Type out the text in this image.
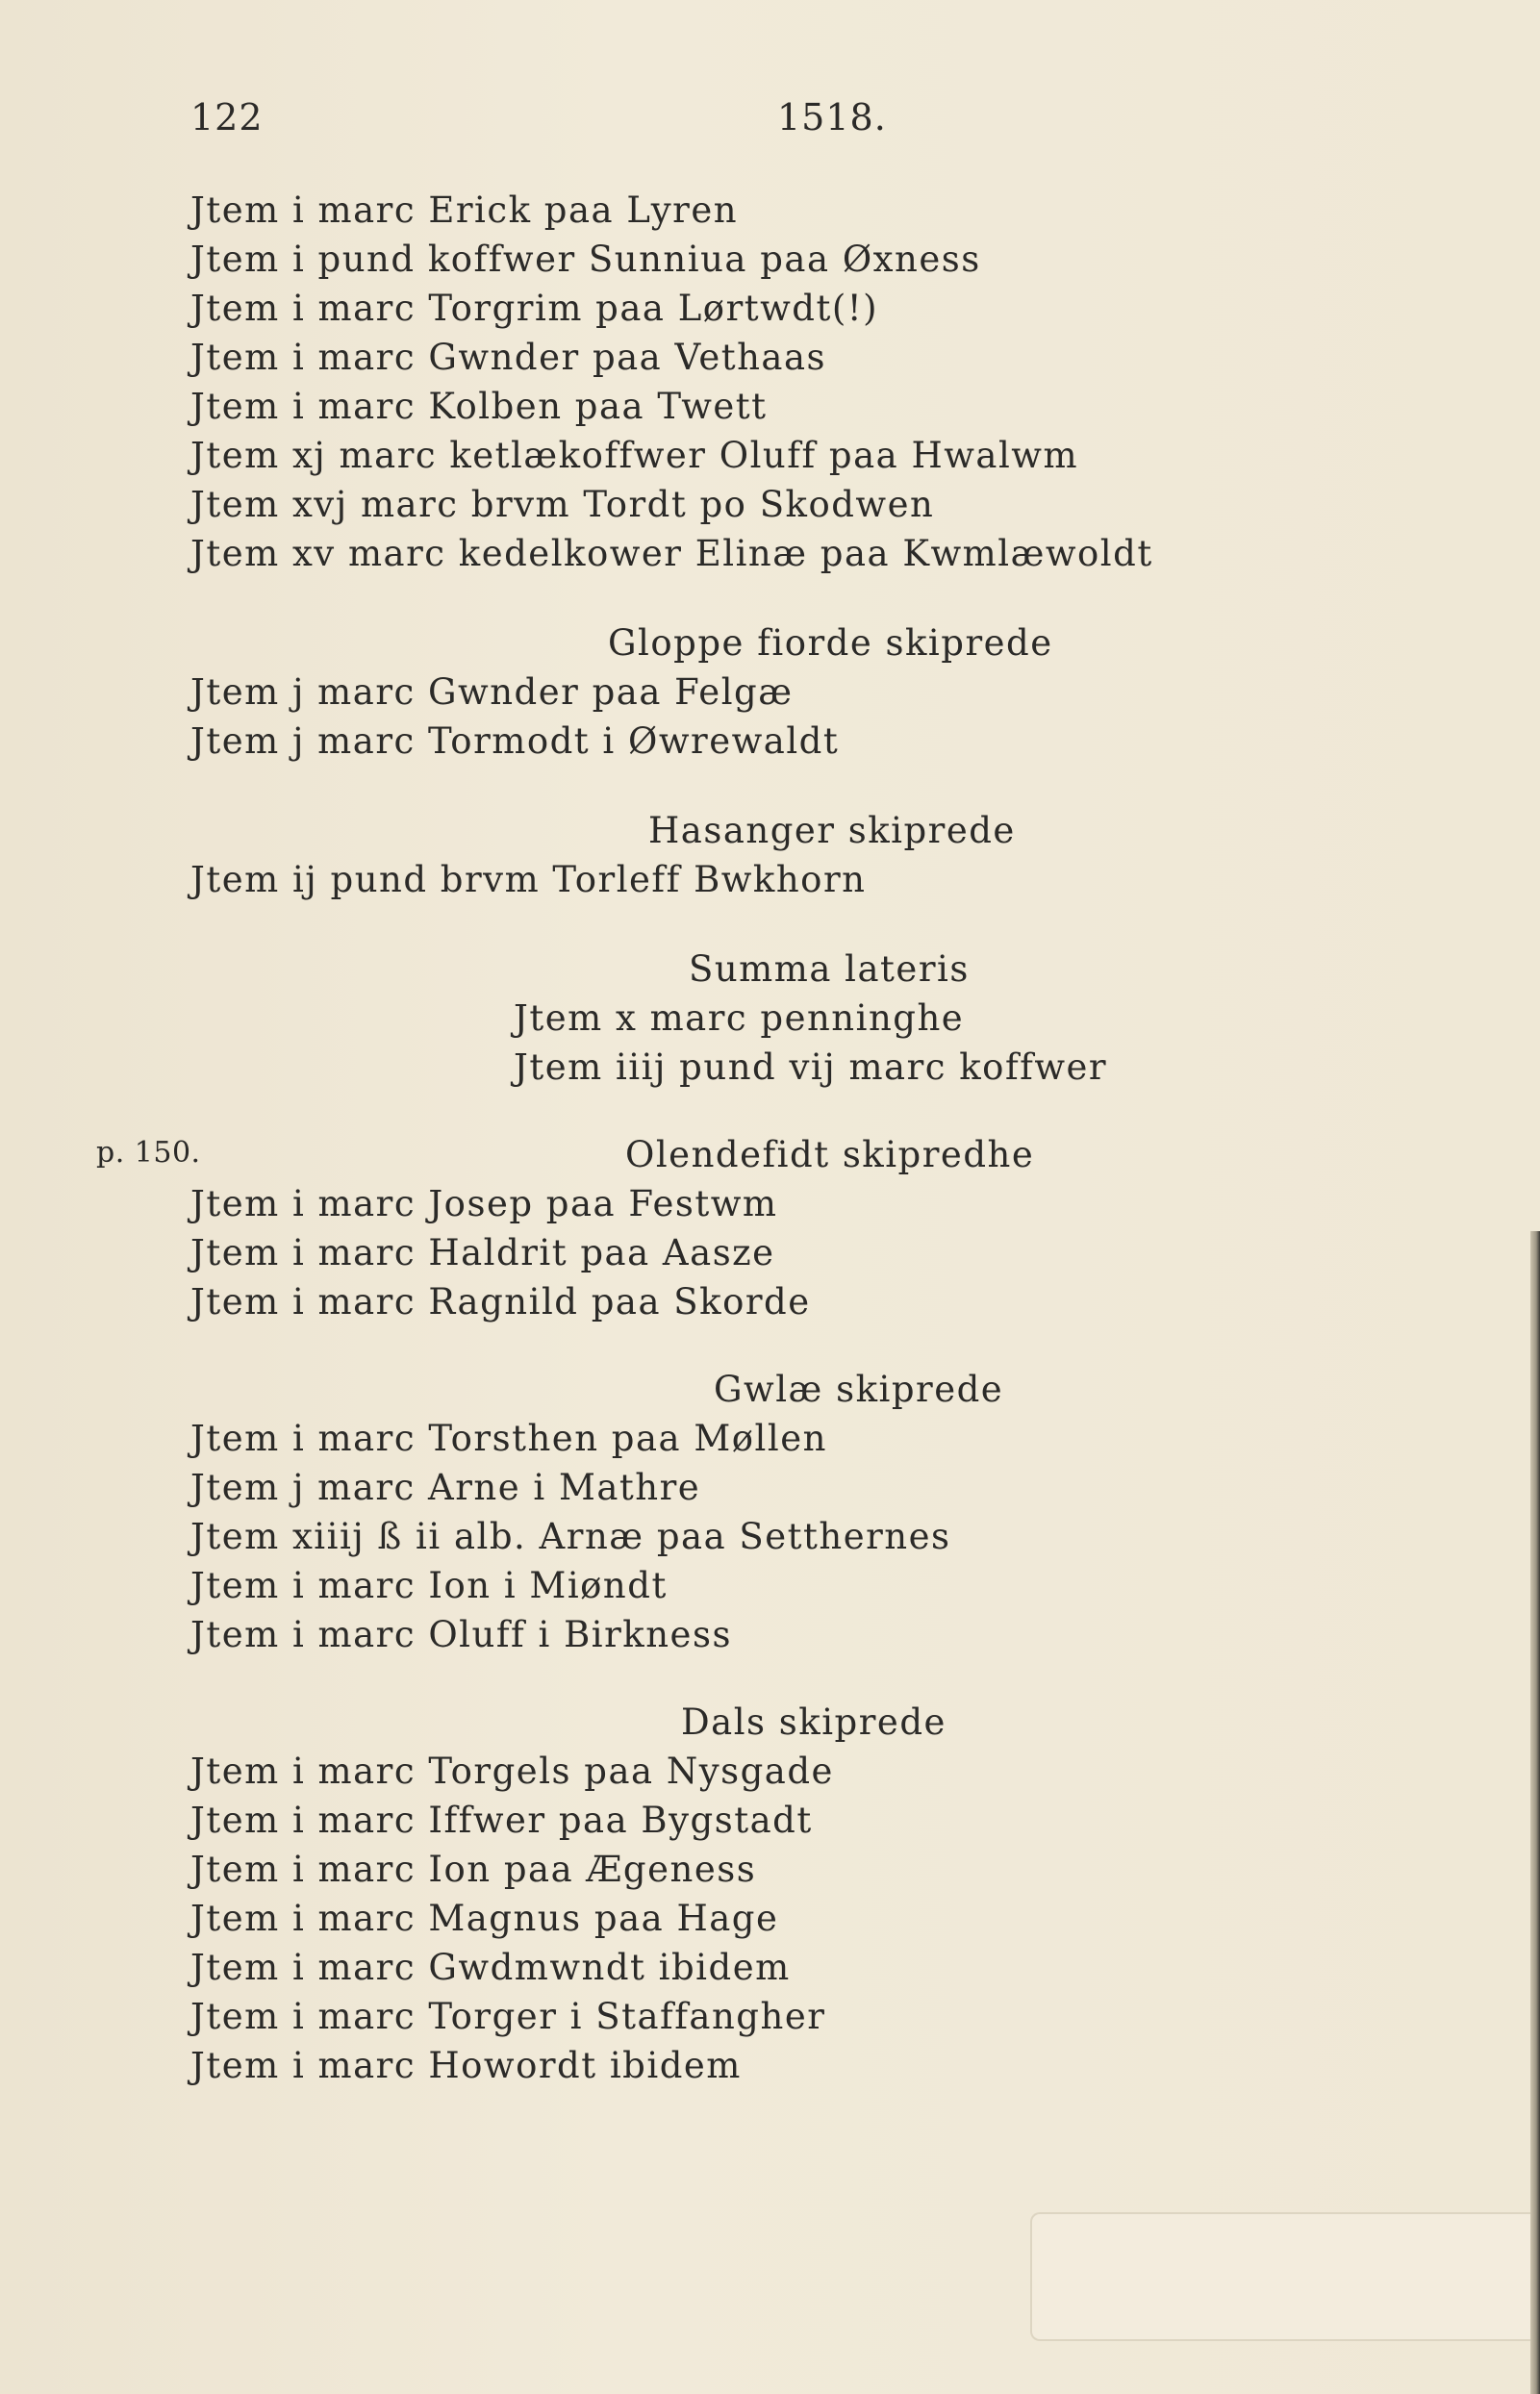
122	1518.
p. 150.
Jtem i marc Erick paa Lyren
Jtem i pund koffwer Sunniua paa Øxness
Jtem i marc Torgrim paa Lørtwdt(!)
Jtem i marc Gwnder paa Vethaas
Jtem i marc Kolben paa Twett
Jtem xj marc ketlækoffwer Oluff paa Hwalwm
Jtem xvj marc brvm Tordt po Skodwen
Jtem xv marc kedelkower Elinæ paa Kwmlæwoldt
Gloppe fiorde skiprede
Jtem j marc Gwnder paa Felgæ
Jtem j marc Tormodt i Øwrewaldt
Hasanger skiprede
Jtem ij pund brvm Torleff Bwkhorn
Summa lateris
Jtem x marc penninghe
Jtem iiij pund vij marc koffwer
Olendefidt skipredhe
Jtem i marc Josep paa Festwm
Jtem i marc Haldrit paa Aasze
Jtem i marc Ragnild paa Skorde
Gwlæ skiprede
Jtem i marc Torsthen paa Møllen
Jtem j marc Arne i Mathre
Jtem xiiij ß ii alb. Arnæ paa Setthernes
Jtem i marc Ion i Miøndt
Jtem i marc Oluff i Birkness
Dals skiprede
Jtem i marc Torgels paa Nysgade
Jtem i marc Iffwer paa Bygstadt
Jtem i marc Ion paa Ægeness
Jtem i marc Magnus paa Hage
Jtem i marc Gwdmwndt ibidem
Jtem i marc Torger i Staffangher
Jtem i marc Howordt ibidem
